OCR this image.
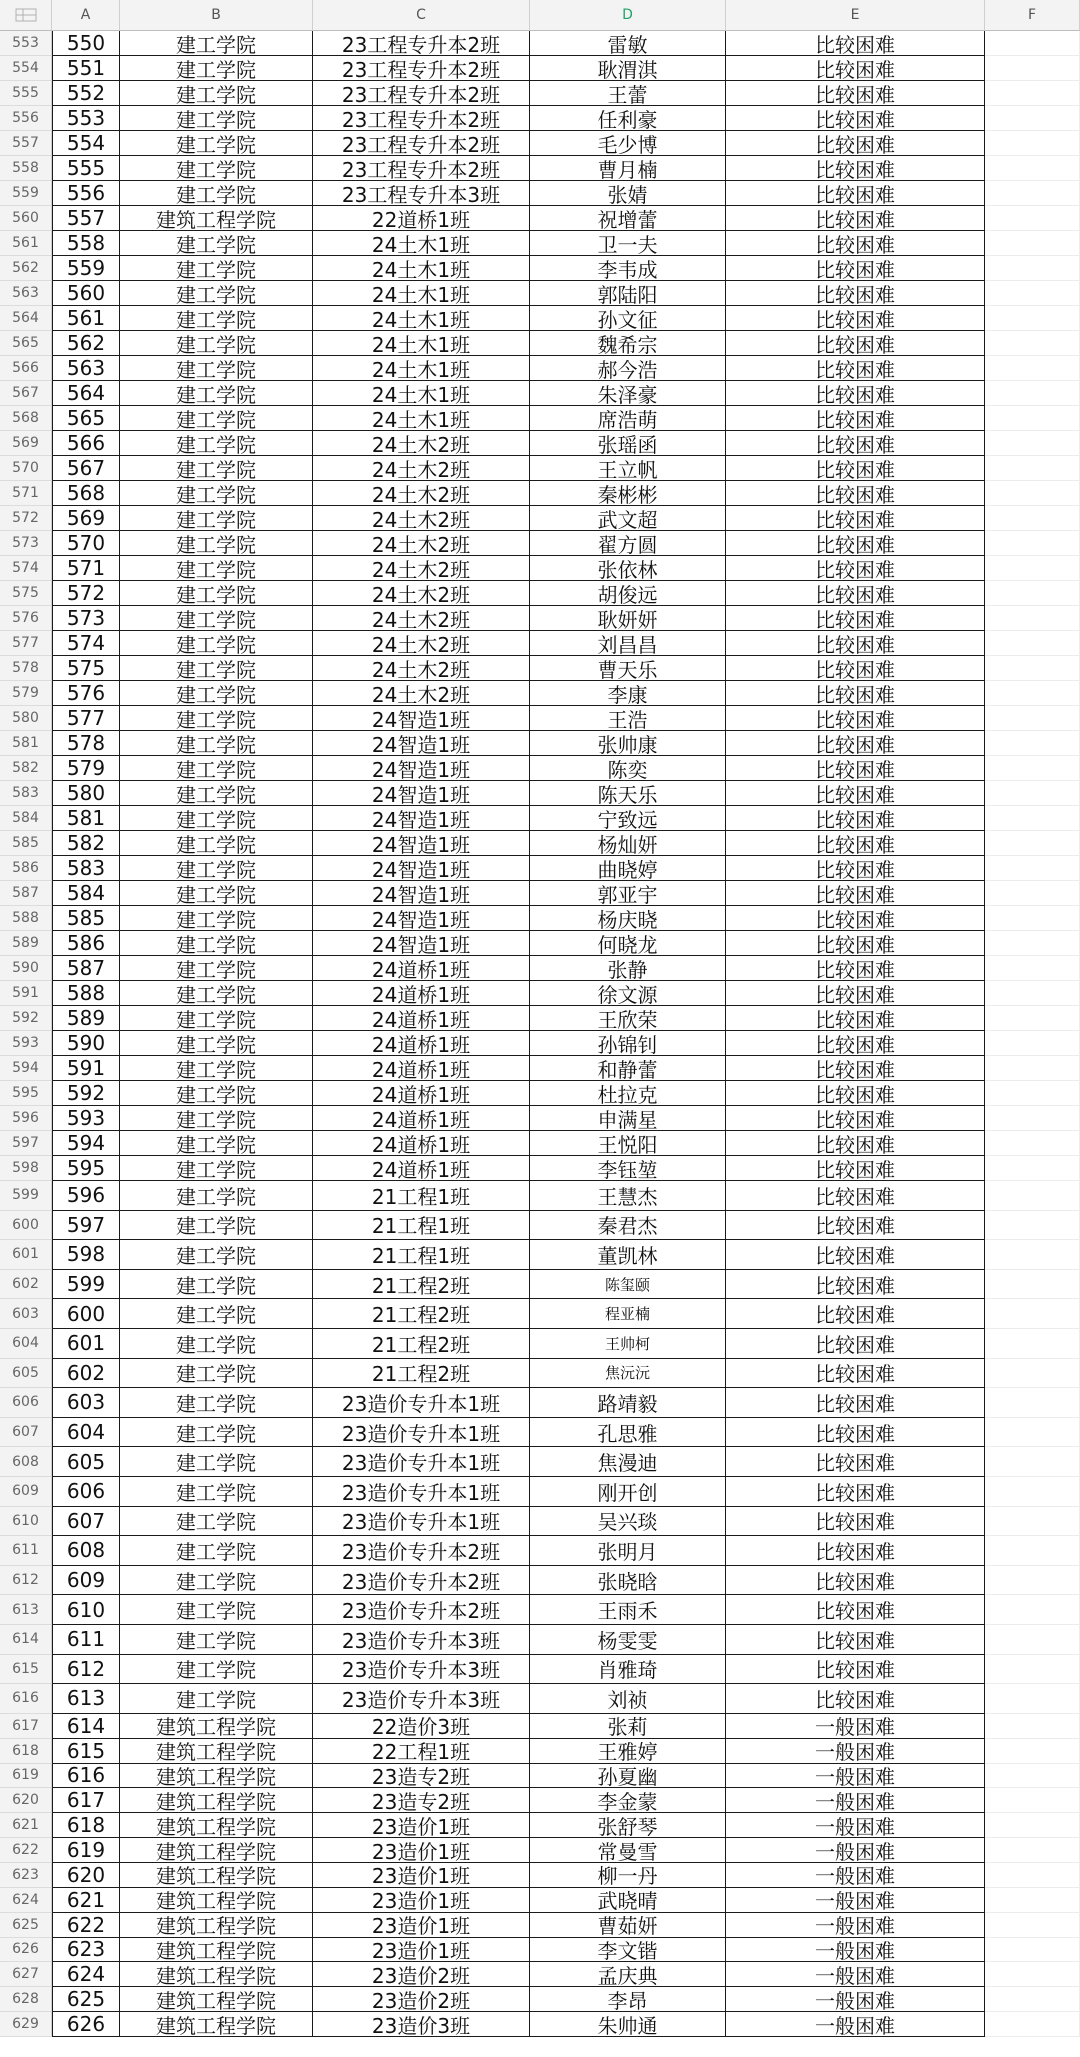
A	B	C	D	E	F
553	550	建工学院	23工程专升本2班	雷敏	比较困难
554	551	建工学院	23工程专升本2班	耿渭淇	比较困难
555	552	建工学院	23工程专升本2班	王蕾	比较困难
556	553	建工学院	23工程专升本2班	任利豪	比较困难
557	554	建工学院	23工程专升本2班	毛少博	比较困难
558	555	建工学院	23工程专升本2班	曹月楠	比较困难
559	556	建工学院	23工程专升本3班	张婧	比较困难
560	557	建筑工程学院	22道桥1班	祝增蕾	比较困难
561	558	建工学院	24土木1班	卫一夫	比较困难
562	559	建工学院	24土木1班	李韦成	比较困难
563	560	建工学院	24土木1班	郭陆阳	比较困难
564	561	建工学院	24土木1班	孙文征	比较困难
565	562	建工学院	24土木1班	魏希宗	比较困难
566	563	建工学院	24土木1班	郝今浩	比较困难
567	564	建工学院	24土木1班	朱泽豪	比较困难
568	565	建工学院	24土木1班	席浩萌	比较困难
569	566	建工学院	24土木2班	张瑶函	比较困难
570	567	建工学院	24土木2班	王立帆	比较困难
571	568	建工学院	24土木2班	秦彬彬	比较困难
572	569	建工学院	24土木2班	武文超	比较困难
573	570	建工学院	24土木2班	翟方圆	比较困难
574	571	建工学院	24土木2班	张依林	比较困难
575	572	建工学院	24土木2班	胡俊远	比较困难
576	573	建工学院	24土木2班	耿妍妍	比较困难
577	574	建工学院	24土木2班	刘昌昌	比较困难
578	575	建工学院	24土木2班	曹天乐	比较困难
579	576	建工学院	24土木2班	李康	比较困难
580	577	建工学院	24智造1班	王浩	比较困难
581	578	建工学院	24智造1班	张帅康	比较困难
582	579	建工学院	24智造1班	陈奕	比较困难
583	580	建工学院	24智造1班	陈天乐	比较困难
584	581	建工学院	24智造1班	宁致远	比较困难
585	582	建工学院	24智造1班	杨灿妍	比较困难
586	583	建工学院	24智造1班	曲晓婷	比较困难
587	584	建工学院	24智造1班	郭亚宇	比较困难
588	585	建工学院	24智造1班	杨庆晓	比较困难
589	586	建工学院	24智造1班	何晓龙	比较困难
590	587	建工学院	24道桥1班	张静	比较困难
591	588	建工学院	24道桥1班	徐文源	比较困难
592	589	建工学院	24道桥1班	王欣荣	比较困难
593	590	建工学院	24道桥1班	孙锦钊	比较困难
594	591	建工学院	24道桥1班	和静蕾	比较困难
595	592	建工学院	24道桥1班	杜拉克	比较困难
596	593	建工学院	24道桥1班	申满星	比较困难
597	594	建工学院	24道桥1班	王悦阳	比较困难
598	595	建工学院	24道桥1班	李钰堃	比较困难
599	596	建工学院	21工程1班	王慧杰	比较困难
600	597	建工学院	21工程1班	秦君杰	比较困难
601	598	建工学院	21工程1班	董凯林	比较困难
602	599	建工学院	21工程2班	陈玺颐	比较困难
603	600	建工学院	21工程2班	程亚楠	比较困难
604	601	建工学院	21工程2班	王帅柯	比较困难
605	602	建工学院	21工程2班	焦沅沅	比较困难
606	603	建工学院	23造价专升本1班	路靖毅	比较困难
607	604	建工学院	23造价专升本1班	孔思雅	比较困难
608	605	建工学院	23造价专升本1班	焦漫迪	比较困难
609	606	建工学院	23造价专升本1班	刚开创	比较困难
610	607	建工学院	23造价专升本1班	吴兴琰	比较困难
611	608	建工学院	23造价专升本2班	张明月	比较困难
612	609	建工学院	23造价专升本2班	张晓晗	比较困难
613	610	建工学院	23造价专升本2班	王雨禾	比较困难
614	611	建工学院	23造价专升本3班	杨雯雯	比较困难
615	612	建工学院	23造价专升本3班	肖雅琦	比较困难
616	613	建工学院	23造价专升本3班	刘祯	比较困难
617	614	建筑工程学院	22造价3班	张莉	一般困难
618	615	建筑工程学院	22工程1班	王雅婷	一般困难
619	616	建筑工程学院	23造专2班	孙夏幽	一般困难
620	617	建筑工程学院	23造专2班	李金蒙	一般困难
621	618	建筑工程学院	23造价1班	张舒琴	一般困难
622	619	建筑工程学院	23造价1班	常曼雪	一般困难
623	620	建筑工程学院	23造价1班	柳一丹	一般困难
624	621	建筑工程学院	23造价1班	武晓晴	一般困难
625	622	建筑工程学院	23造价1班	曹茹妍	一般困难
626	623	建筑工程学院	23造价1班	李文锴	一般困难
627	624	建筑工程学院	23造价2班	孟庆典	一般困难
628	625	建筑工程学院	23造价2班	李昂	一般困难
629	626	建筑工程学院	23造价3班	朱帅通	一般困难
